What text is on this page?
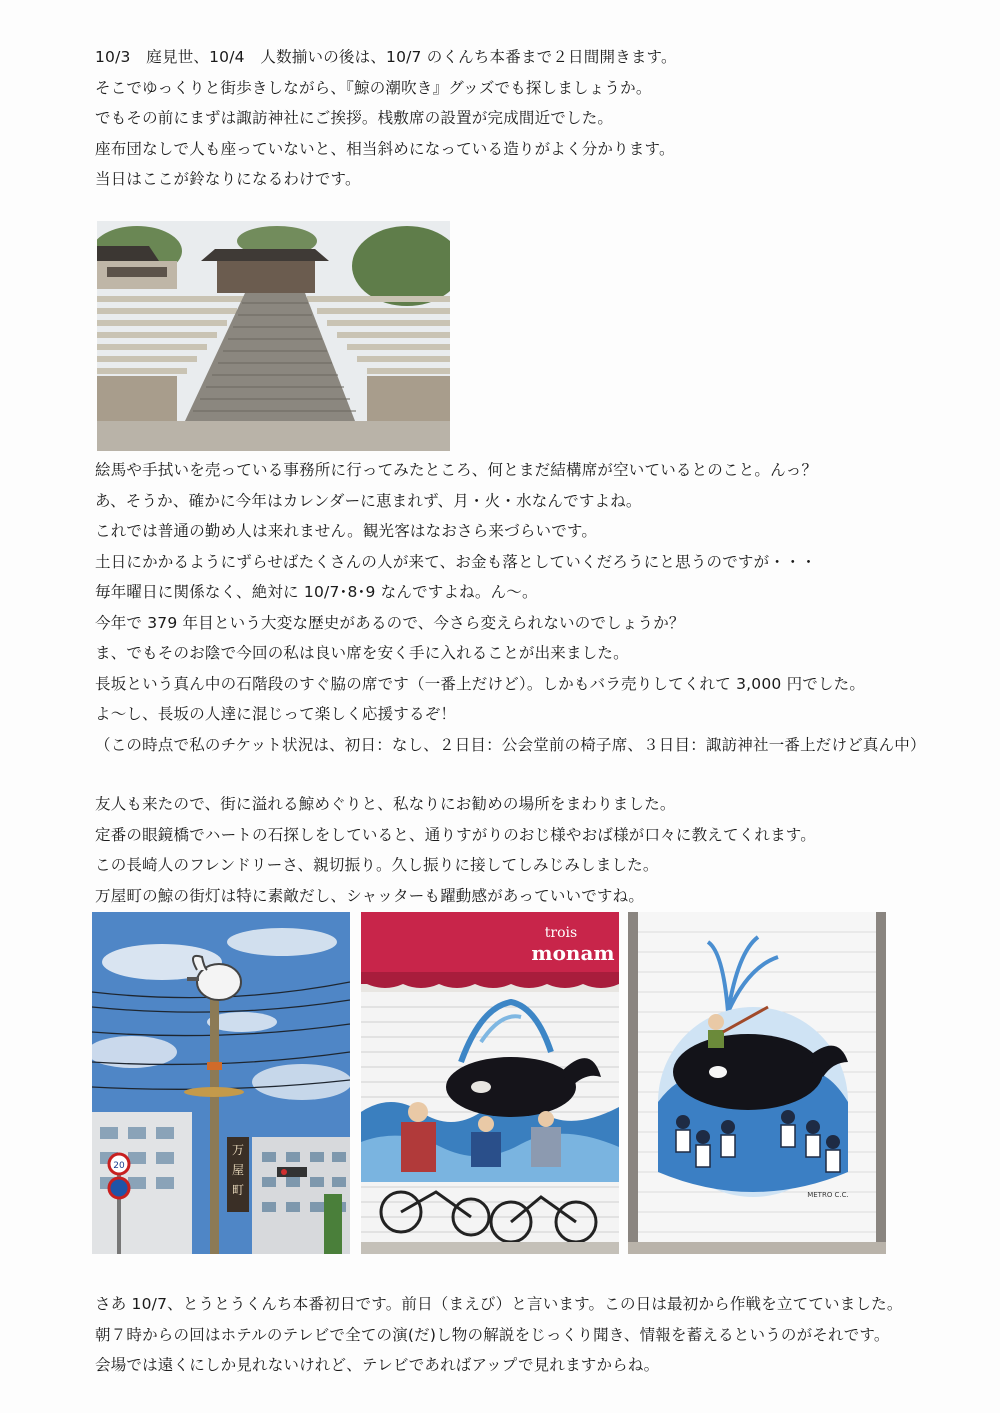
10/3　庭見世、10/4　人数揃いの後は、10/7 のくんち本番まで２日間開きます。
そこでゆっくりと街歩きしながら、『鯨の潮吹き』グッズでも探しましょうか。
でもその前にまずは諏訪神社にご挨拶。桟敷席の設置が完成間近でした。
座布団なしで人も座っていないと、相当斜めになっている造りがよく分かります。
当日はここが鈴なりになるわけです。
絵馬や手拭いを売っている事務所に行ってみたところ、何とまだ結構席が空いているとのこと。んっ？
あ、そうか、確かに今年はカレンダーに恵まれず、月・火・水なんですよね。
これでは普通の勤め人は来れません。観光客はなおさら来づらいです。
土日にかかるようにずらせばたくさんの人が来て、お金も落としていくだろうにと思うのですが・・・
毎年曜日に関係なく、絶対に 10/7･8･9 なんですよね。ん～。
今年で 379 年目という大変な歴史があるので、今さら変えられないのでしょうか？
ま、でもそのお陰で今回の私は良い席を安く手に入れることが出来ました。
長坂という真ん中の石階段のすぐ脇の席です（一番上だけど）。しかもバラ売りしてくれて 3,000 円でした。
よ～し、長坂の人達に混じって楽しく応援するぞ！
（この時点で私のチケット状況は、初日：なし、２日目：公会堂前の椅子席、３日目：諏訪神社一番上だけど真ん中）
友人も来たので、街に溢れる鯨めぐりと、私なりにお勧めの場所をまわりました。
定番の眼鏡橋でハートの石探しをしていると、通りすがりのおじ様やおば様が口々に教えてくれます。
この長崎人のフレンドリーさ、親切振り。久し振りに接してしみじみしました。
万屋町の鯨の街灯は特に素敵だし、シャッターも躍動感があっていいですね。
万
屋
町
20
trois
monam
METRO C.C.
さあ 10/7、とうとうくんち本番初日です。前日（まえび）と言います。この日は最初から作戦を立てていました。
朝７時からの回はホテルのテレビで全ての演(だ)し物の解説をじっくり聞き、情報を蓄えるというのがそれです。
会場では遠くにしか見れないけれど、テレビであればアップで見れますからね。
